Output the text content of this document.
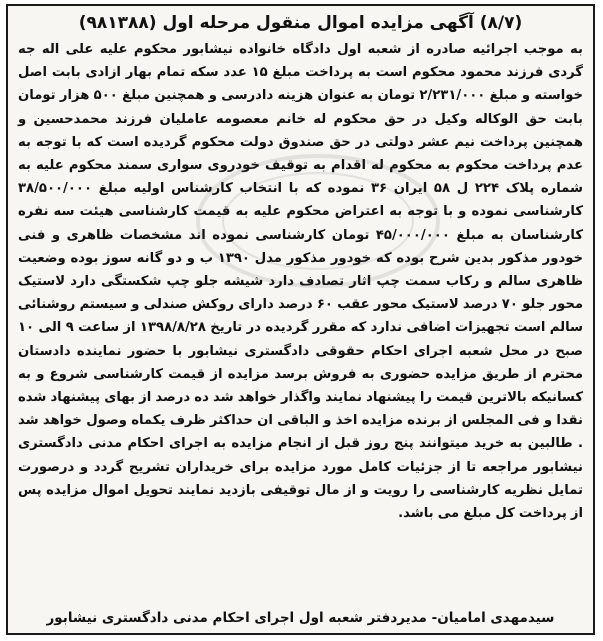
(۸/۷) آگهی مزایده اموال منقول مرحله اول (۹۸۱۳۸۸)

به موجب اجرائیه صادره از شعبه اول دادگاه خانواده نیشابور محکوم علیه علی اله جه گردی فرزند محمود محکوم است به پرداخت مبلغ ۱۵ عدد سکه تمام بهار ازادی بابت اصل خواسته و مبلغ ۲/۲۳۱/۰۰۰ تومان به عنوان هزینه دادرسی و همچنین مبلغ ۵۰۰ هزار تومان بابت حق الوکاله وکیل در حق محکوم له خانم معصومه عاملیان فرزند محمدحسین و همچنین پرداخت نیم عشر دولتی در حق صندوق دولت محکوم گردیده است که با توجه به عدم پرداخت محکوم به محکوم له اقدام به توقیف خودروی سواری سمند محکوم علیه به شماره پلاک ۲۲۴ ل ۵۸ ایران ۳۶ نموده که با انتخاب کارشناس اولیه مبلغ ۳۸/۵۰۰/۰۰۰ کارشناسی نموده و با توجه به اعتراض محکوم علیه به قیمت کارشناسی هیئت سه نفره کارشناسان به مبلغ ۴۵/۰۰۰/۰۰۰ تومان کارشناسی نموده اند مشخصات ظاهری و فنی خودور مذکور بدین شرح بوده که خودور مذکور مدل ۱۳۹۰ ب و دو گانه سوز بوده وضعیت ظاهری سالم و رکاب سمت چپ اثار تصادف دارد شیشه جلو چپ شکستگی دارد لاستیک محور جلو ۷۰ درصد لاستیک محور عقب ۶۰ درصد دارای روکش صندلی و سیستم روشنائی سالم است تجهیزات اضافی ندارد که مقرر گردیده در تاریخ ۱۳۹۸/۸/۲۸ از ساعت ۹ الی ۱۰ صبح در محل شعبه اجرای احکام حقوقی دادگستری نیشابور با حضور نماینده دادستان محترم از طریق مزایده حضوری به فروش برسد مزایده از قیمت کارشناسی شروع و به کسانیکه بالاترین قیمت را پیشنهاد نمایند واگذار خواهد شد ده درصد از بهای پیشنهاد شده نقدا و فی المجلس از برنده مزایده اخذ و الباقی ان حداکثر ظرف یکماه وصول خواهد شد . طالبین به خرید میتوانند پنج روز قبل از انجام مزایده به اجرای احکام مدنی دادگستری نیشابور مراجعه تا از جزئیات کامل مورد مزایده برای خریداران تشریح گردد و درصورت تمایل نظریه کارشناسی را رویت و از مال توقیفی بازدید نمایند تحویل اموال مزایده پس از پرداخت کل مبلغ می باشد.

سیدمهدی امامیان- مدیردفتر شعبه اول اجرای احکام مدنی دادگستری نیشابور
